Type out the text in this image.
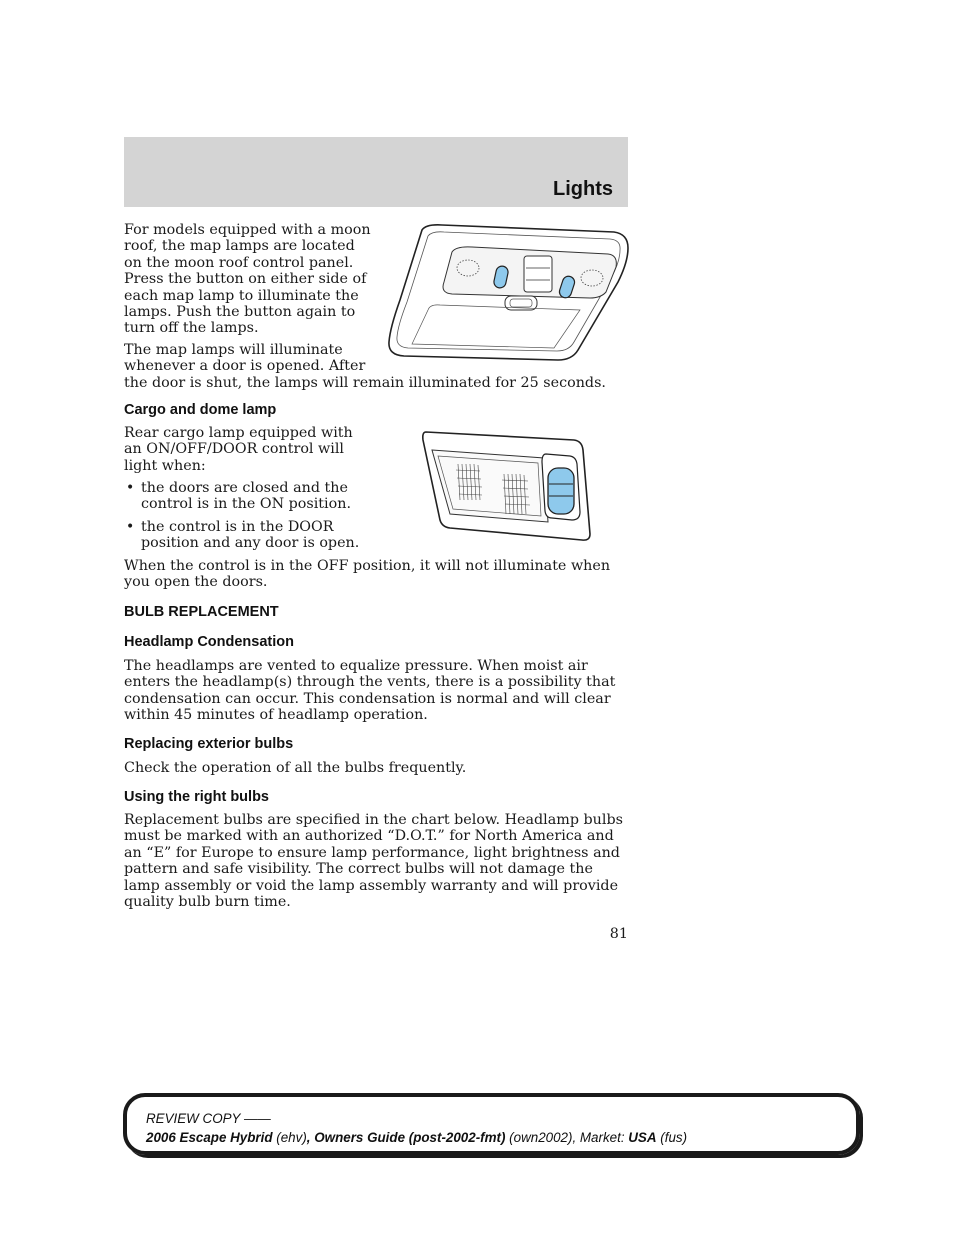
Lights

For models equipped with a moon roof, the map lamps are located on the moon roof control panel. Press the button on either side of each map lamp to illuminate the lamps. Push the button again to turn off the lamps.

The map lamps will illuminate
whenever a door is opened. After
the door is shut, the lamps will remain illuminated for 25 seconds.
Cargo and dome lamp

Rear cargo lamp equipped with an ON/OFF/DOOR control will light when:

• the doors are closed and the control is in the ON position.
• the control is in the DOOR position and any door is open.

When the control is in the OFF position, it will not illuminate when you open the doors.

BULB REPLACEMENT
Headlamp Condensation

The headlamps are vented to equalize pressure. When moist air enters the headlamp(s) through the vents, there is a possibility that condensation can occur. This condensation is normal and will clear within 45 minutes of headlamp operation.

Replacing exterior bulbs

Check the operation of all the bulbs frequently.

Using the right bulbs

Replacement bulbs are specified in the chart below. Headlamp bulbs must be marked with an authorized “D.O.T.” for North America and an “E” for Europe to ensure lamp performance, light brightness and pattern and safe visibility. The correct bulbs will not damage the lamp assembly or void the lamp assembly warranty and will provide quality bulb burn time.

81
REVIEW COPY ——
2006 Escape Hybrid (ehv), Owners Guide (post-2002-fmt) (own2002), Market: USA (fus)
